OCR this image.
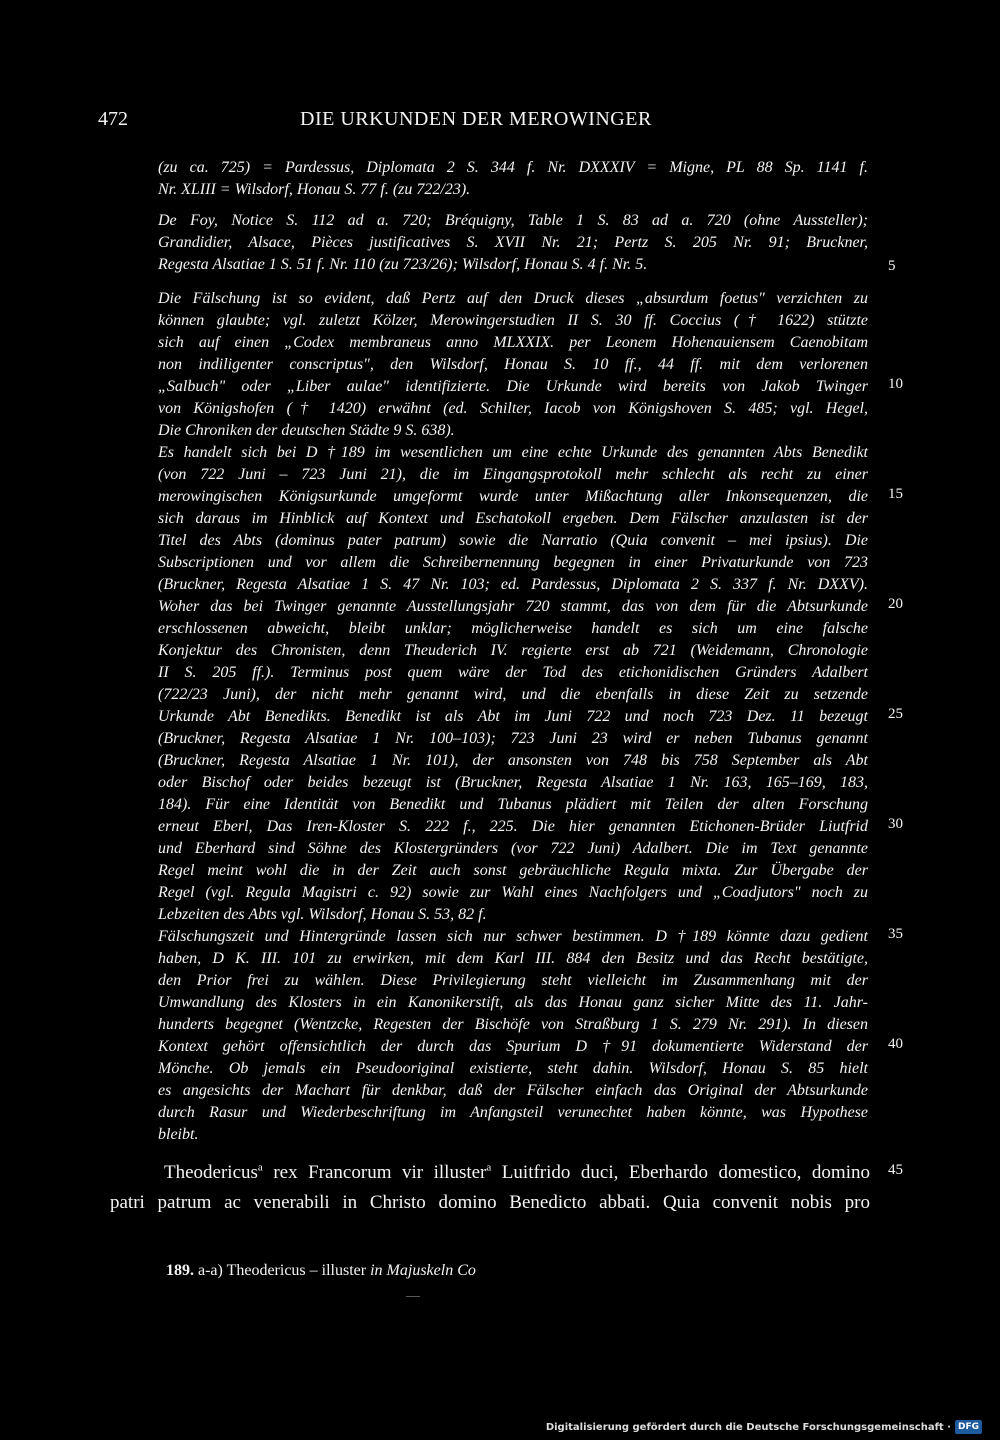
472	DIE URKUNDEN DER MEROWINGER

(zu ca. 725) = Pardessus, Diplomata 2 S. 344 f. Nr. DXXXIV = Migne, PL 88 Sp. 1141 f.

Nr. XLIII = Wilsdorf, Honau S. 77 f. (zu 722/23).

De Foy, Notice S. 112 ad a. 720; Bréquigny, Table 1 S. 83 ad a. 720 (ohne Aussteller);

Grandidier, Alsace, Pièces justificatives S. XVII Nr. 21; Pertz S. 205 Nr. 91; Bruckner,

Regesta Alsatiae 1 S. 51 f. Nr. 110 (zu 723/26); Wilsdorf, Honau S. 4 f. Nr. 5.

Die Fälschung ist so evident, daß Pertz auf den Druck dieses „absurdum foetus" verzichten zu

können glaubte; vgl. zuletzt Kölzer, Merowingerstudien II S. 30 ff. Coccius († 1622) stützte

sich auf einen „Codex membraneus anno MLXXIX. per Leonem Hohenauiensem Caenobitam

non indiligenter conscriptus", den Wilsdorf, Honau S. 10 ff., 44 ff. mit dem verlorenen

„Salbuch" oder „Liber aulae" identifizierte. Die Urkunde wird bereits von Jakob Twinger

von Königshofen († 1420) erwähnt (ed. Schilter, Iacob von Königshoven S. 485; vgl. Hegel,

Die Chroniken der deutschen Städte 9 S. 638).

Es handelt sich bei D †189 im wesentlichen um eine echte Urkunde des genannten Abts Benedikt

(von 722 Juni – 723 Juni 21), die im Eingangsprotokoll mehr schlecht als recht zu einer

merowingischen Königsurkunde umgeformt wurde unter Mißachtung aller Inkonsequenzen, die

sich daraus im Hinblick auf Kontext und Eschatokoll ergeben. Dem Fälscher anzulasten ist der

Titel des Abts (dominus pater patrum) sowie die Narratio (Quia convenit – mei ipsius). Die

Subscriptionen und vor allem die Schreibernennung begegnen in einer Privaturkunde von 723

(Bruckner, Regesta Alsatiae 1 S. 47 Nr. 103; ed. Pardessus, Diplomata 2 S. 337 f. Nr. DXXV).

Woher das bei Twinger genannte Ausstellungsjahr 720 stammt, das von dem für die Abtsurkunde

erschlossenen abweicht, bleibt unklar; möglicherweise handelt es sich um eine falsche

Konjektur des Chronisten, denn Theuderich IV. regierte erst ab 721 (Weidemann, Chronologie

II S. 205 ff.). Terminus post quem wäre der Tod des etichonidischen Gründers Adalbert

(722/23 Juni), der nicht mehr genannt wird, und die ebenfalls in diese Zeit zu setzende

Urkunde Abt Benedikts. Benedikt ist als Abt im Juni 722 und noch 723 Dez. 11 bezeugt

(Bruckner, Regesta Alsatiae 1 Nr. 100–103); 723 Juni 23 wird er neben Tubanus genannt

(Bruckner, Regesta Alsatiae 1 Nr. 101), der ansonsten von 748 bis 758 September als Abt

oder Bischof oder beides bezeugt ist (Bruckner, Regesta Alsatiae 1 Nr. 163, 165–169, 183,

184). Für eine Identität von Benedikt und Tubanus plädiert mit Teilen der alten Forschung

erneut Eberl, Das Iren-Kloster S. 222 f., 225. Die hier genannten Etichonen-Brüder Liutfrid

und Eberhard sind Söhne des Klostergründers (vor 722 Juni) Adalbert. Die im Text genannte

Regel meint wohl die in der Zeit auch sonst gebräuchliche Regula mixta. Zur Übergabe der

Regel (vgl. Regula Magistri c. 92) sowie zur Wahl eines Nachfolgers und „Coadjutors" noch zu

Lebzeiten des Abts vgl. Wilsdorf, Honau S. 53, 82 f.

Fälschungszeit und Hintergründe lassen sich nur schwer bestimmen. D †189 könnte dazu gedient

haben, D K. III. 101 zu erwirken, mit dem Karl III. 884 den Besitz und das Recht bestätigte,

den Prior frei zu wählen. Diese Privilegierung steht vielleicht im Zusammenhang mit der

Umwandlung des Klosters in ein Kanonikerstift, als das Honau ganz sicher Mitte des 11. Jahr-

hunderts begegnet (Wentzcke, Regesten der Bischöfe von Straßburg 1 S. 279 Nr. 291). In diesen

Kontext gehört offensichtlich der durch das Spurium D †91 dokumentierte Widerstand der

Mönche. Ob jemals ein Pseudooriginal existierte, steht dahin. Wilsdorf, Honau S. 85 hielt

es angesichts der Machart für denkbar, daß der Fälscher einfach das Original der Abtsurkunde

durch Rasur und Wiederbeschriftung im Anfangsteil verunechtet haben könnte, was Hypothese

bleibt.

5
10
15
20
25
30
35
40
45
Theodericus$^a$ rex Francorum vir illuster$^a$ Luitfrido duci, Eberhardo domestico, domino
patri patrum ac venerabili in Christo domino Benedicto abbati. Quia convenit nobis pro
189. a-a) Theodericus – illuster in Majuskeln Co
Digitalisierung gefördert durch die Deutsche Forschungsgemeinschaft · DFG
